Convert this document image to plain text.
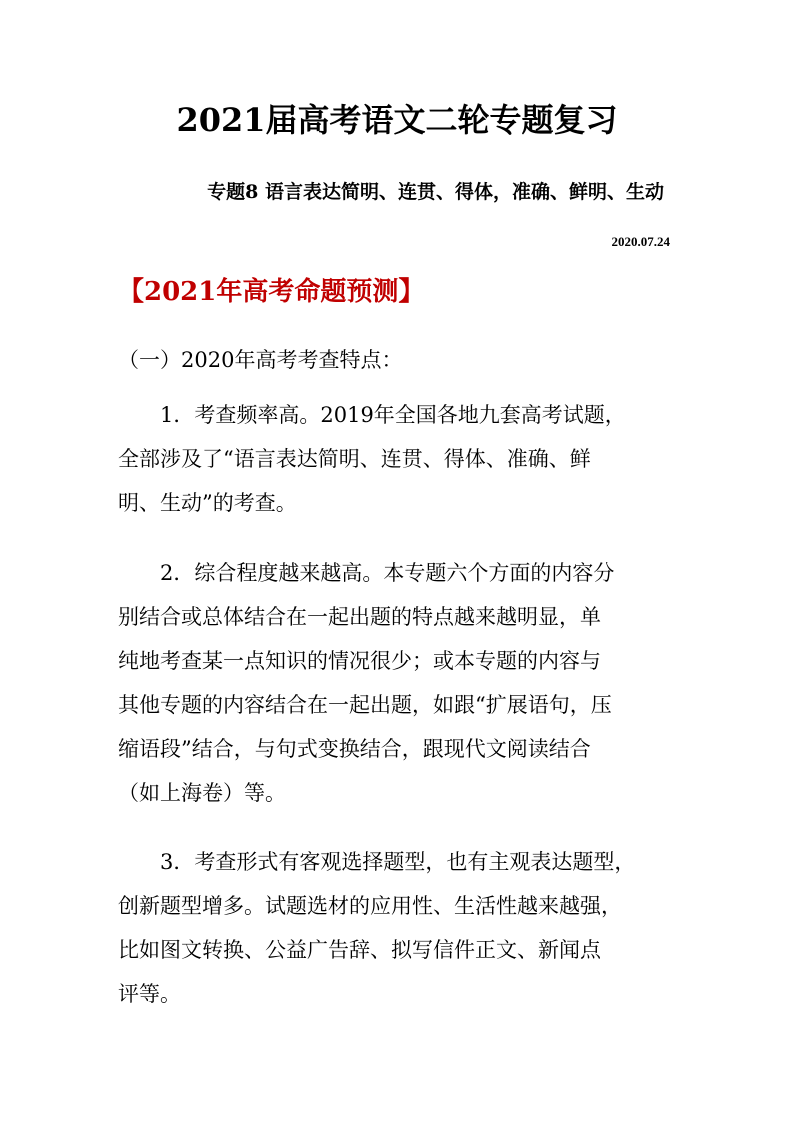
2021届高考语文二轮专题复习
专题8 语言表达简明、连贯、得体，准确、鲜明、生动
2020.07.24
【2021年高考命题预测】
（一）2020年高考考查特点：
1．考查频率高。2019年全国各地九套高考试题，
全部涉及了“语言表达简明、连贯、得体、准确、鲜
明、生动”的考查。
2．综合程度越来越高。本专题六个方面的内容分
别结合或总体结合在一起出题的特点越来越明显，单
纯地考查某一点知识的情况很少；或本专题的内容与
其他专题的内容结合在一起出题，如跟“扩展语句，压
缩语段”结合，与句式变换结合，跟现代文阅读结合
（如上海卷）等。
3．考查形式有客观选择题型，也有主观表达题型，
创新题型增多。试题选材的应用性、生活性越来越强，
比如图文转换、公益广告辞、拟写信件正文、新闻点
评等。
